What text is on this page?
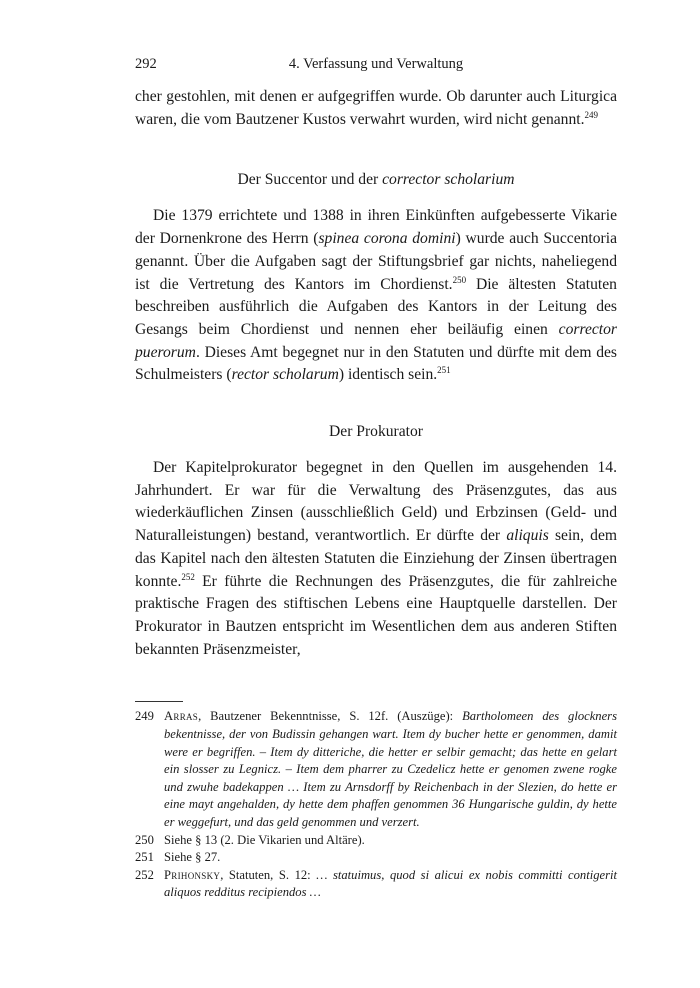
292	4. Verfassung und Verwaltung

cher gestohlen, mit denen er aufgegriffen wurde. Ob darunter auch Liturgica waren, die vom Bautzener Kustos verwahrt wurden, wird nicht genannt.$^{249}$

Der Succentor und der corrector scholarium

Die 1379 errichtete und 1388 in ihren Einkünften aufgebesserte Vikarie der Dornenkrone des Herrn (spinea corona domini) wurde auch Succentoria genannt. Über die Aufgaben sagt der Stiftungsbrief gar nichts, naheliegend ist die Vertretung des Kantors im Chordienst.$^{250}$ Die ältesten Statuten beschreiben ausführlich die Aufgaben des Kantors in der Leitung des Gesangs beim Chordienst und nennen eher beiläufig einen corrector puerorum. Dieses Amt begegnet nur in den Statuten und dürfte mit dem des Schulmeisters (rector scholarum) identisch sein.$^{251}$

Der Prokurator

Der Kapitelprokurator begegnet in den Quellen im ausgehenden 14. Jahrhundert. Er war für die Verwaltung des Präsenzgutes, das aus wiederkäuflichen Zinsen (ausschließlich Geld) und Erbzinsen (Geld- und Naturalleistungen) bestand, verantwortlich. Er dürfte der aliquis sein, dem das Kapitel nach den ältesten Statuten die Einziehung der Zinsen übertragen konnte.$^{252}$ Er führte die Rechnungen des Präsenzgutes, die für zahlreiche praktische Fragen des stiftischen Lebens eine Hauptquelle darstellen. Der Prokurator in Bautzen entspricht im Wesentlichen dem aus anderen Stiften bekannten Präsenzmeister,

249 Arras, Bautzener Bekenntnisse, S. 12f. (Auszüge): Bartholomeen des glockners bekentnisse, der von Budissin gehangen wart. Item dy bucher hette er genommen, damit were er begriffen. – Item dy ditteriche, die hetter er selbir gemacht; das hette en gelart ein slosser zu Legnicz. – Item dem pharrer zu Czedelicz hette er genomen zwene rogke und zwuhe badekappen … Item zu Arnsdorff by Reichenbach in der Slezien, do hette er eine mayt angehalden, dy hette dem phaffen genommen 36 Hungarische guldin, dy hette er weggefurt, und das geld genommen und verzert.
250 Siehe § 13 (2. Die Vikarien und Altäre).
251 Siehe § 27.
252 Prihonsky, Statuten, S. 12: … statuimus, quod si alicui ex nobis committi contigerit aliquos redditus recipiendos …
